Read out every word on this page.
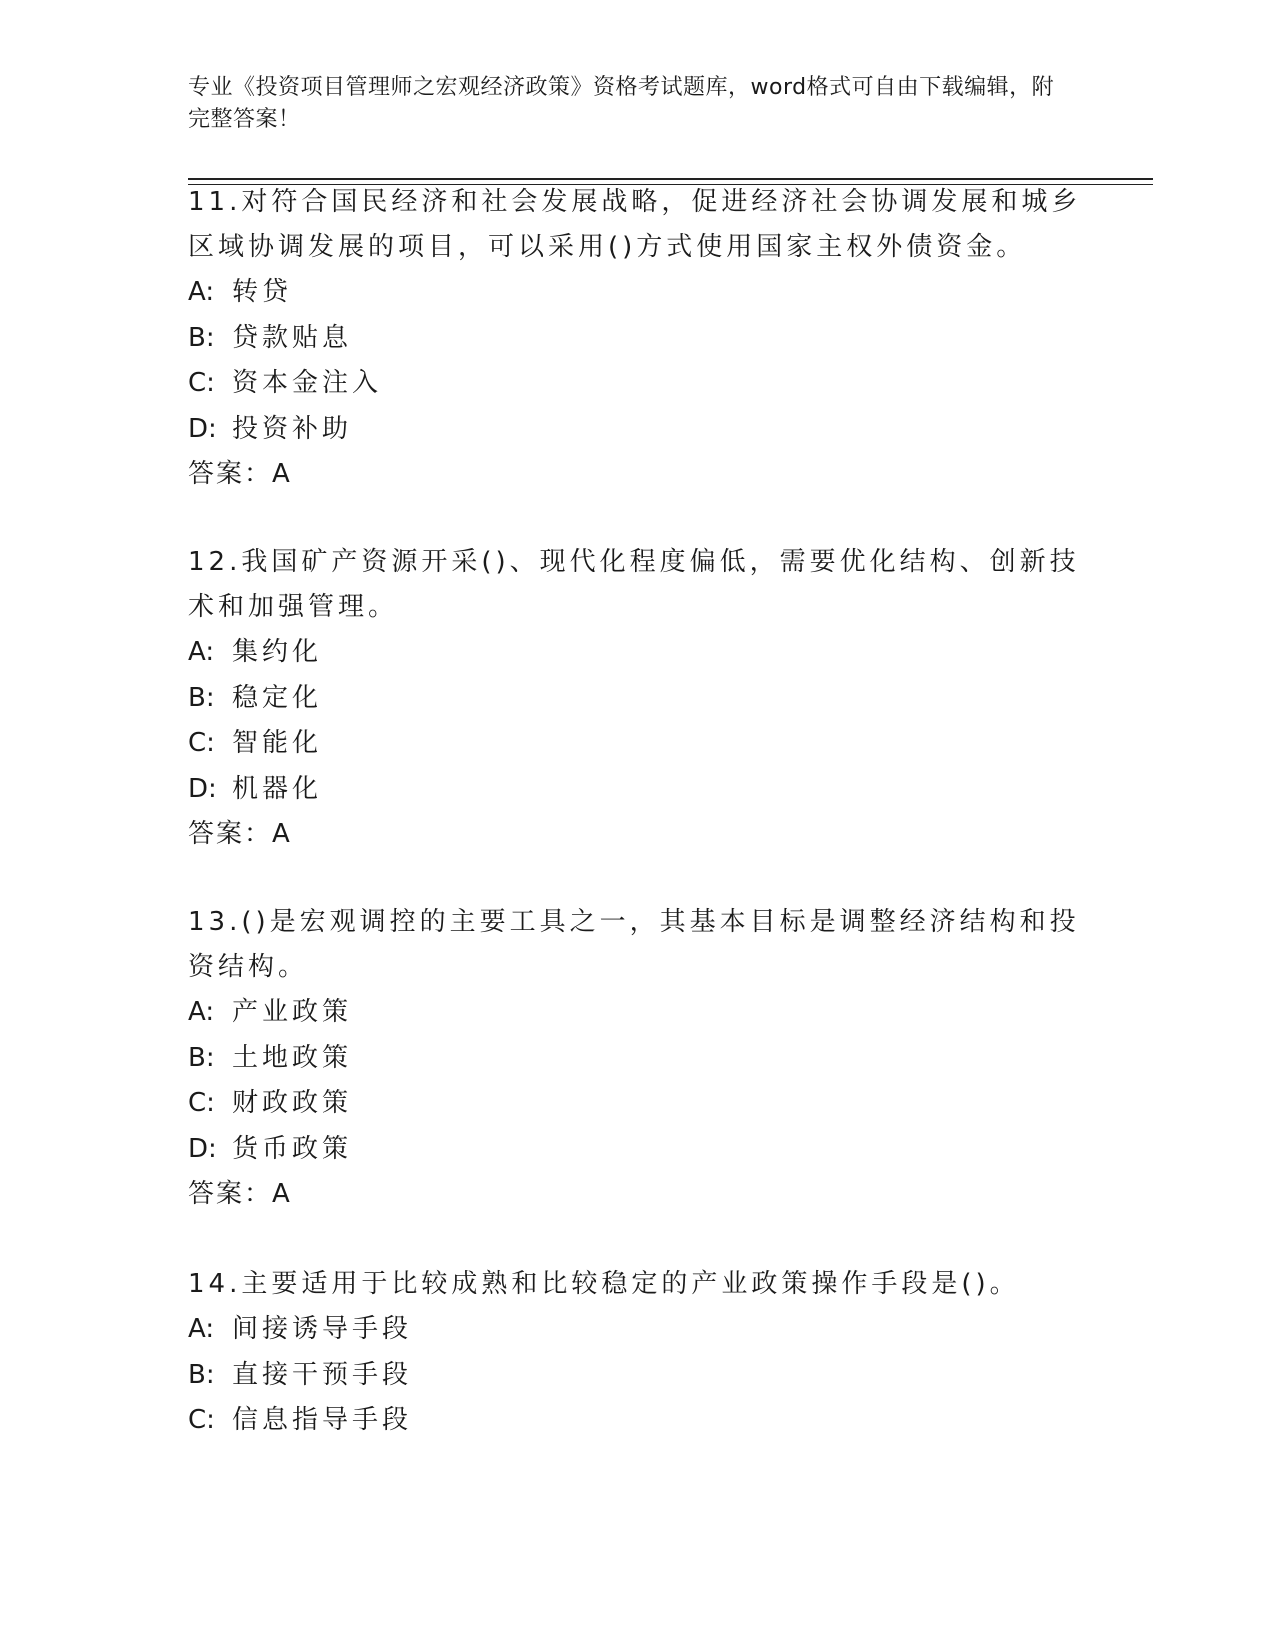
专业《投资项目管理师之宏观经济政策》资格考试题库，word格式可自由下载编辑，附完整答案！

11.对符合国民经济和社会发展战略，促进经济社会协调发展和城乡区域协调发展的项目，可以采用()方式使用国家主权外债资金。

A: 转贷

B: 贷款贴息

C: 资本金注入

D: 投资补助

答案：A

12.我国矿产资源开采()、现代化程度偏低，需要优化结构、创新技术和加强管理。

A: 集约化

B: 稳定化

C: 智能化

D: 机器化

答案：A

13.()是宏观调控的主要工具之一，其基本目标是调整经济结构和投资结构。

A: 产业政策

B: 土地政策

C: 财政政策

D: 货币政策

答案：A

14.主要适用于比较成熟和比较稳定的产业政策操作手段是()。

A: 间接诱导手段

B: 直接干预手段

C: 信息指导手段
